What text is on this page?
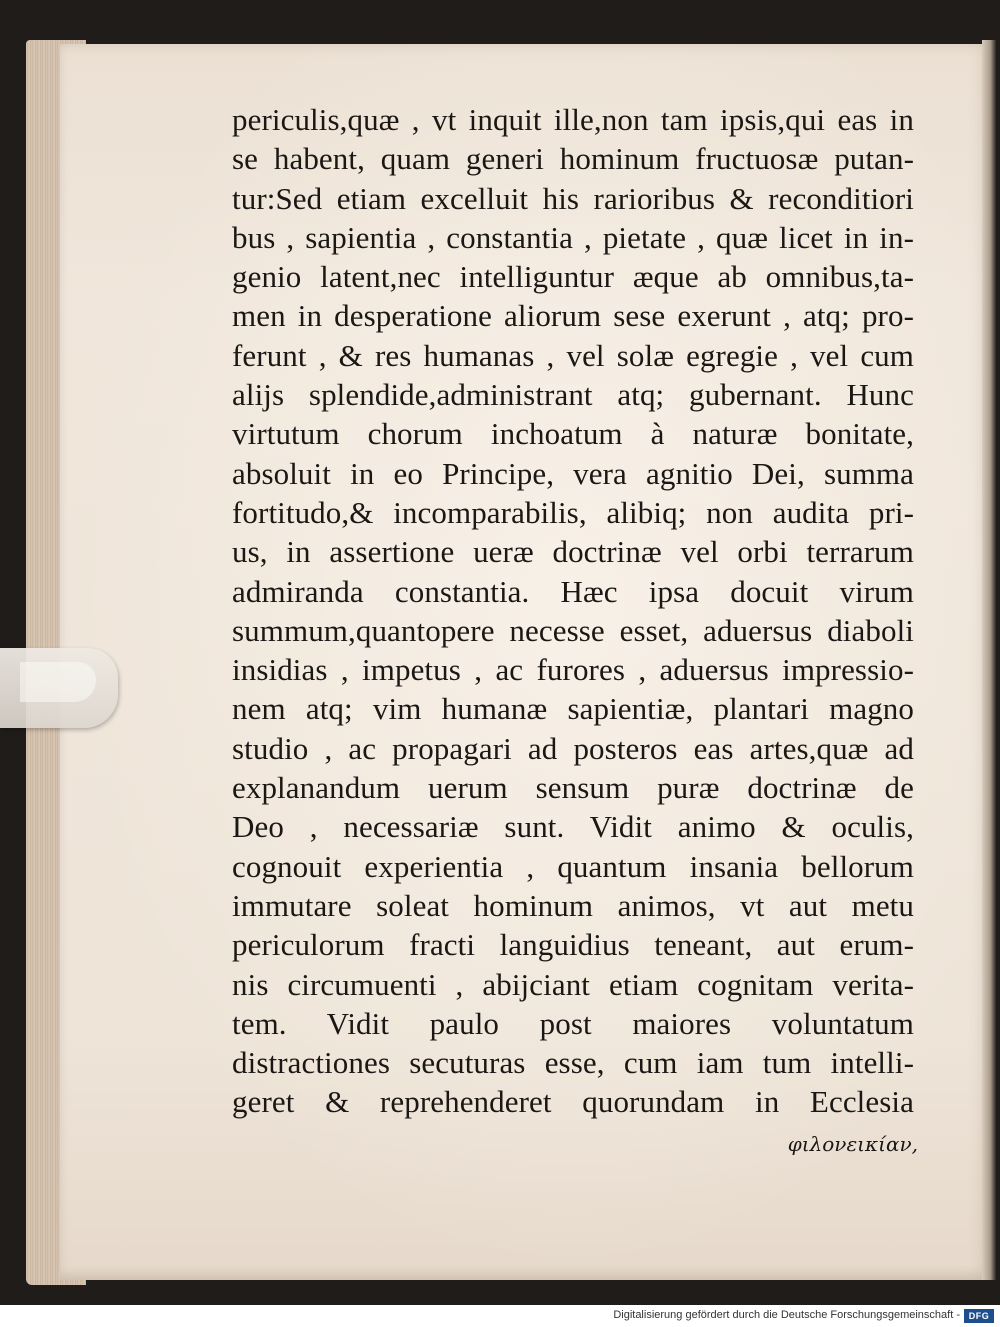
periculis,quæ , vt inquit ille,non tam ipsis,qui eas in
se habent, quam generi hominum fructuosæ putan-
tur:Sed etiam excelluit his rarioribus & reconditiori
bus , sapientia , constantia , pietate , quæ licet in in-
genio latent,nec intelliguntur æque ab omnibus,ta-
men in desperatione aliorum sese exerunt , atq; pro-
ferunt , & res humanas , vel solæ egregie , vel cum
alijs splendide,administrant atq; gubernant. Hunc
virtutum chorum inchoatum à naturæ bonitate,
absoluit in eo Principe, vera agnitio Dei, summa
fortitudo,& incomparabilis, alibiq; non audita pri-
us, in assertione ueræ doctrinæ vel orbi terrarum
admiranda constantia. Hæc ipsa docuit virum
summum,quantopere necesse esset, aduersus diaboli
insidias , impetus , ac furores , aduersus impressio-
nem atq; vim humanæ sapientiæ, plantari magno
studio , ac propagari ad posteros eas artes,quæ ad
explanandum uerum sensum puræ doctrinæ de
Deo , necessariæ sunt. Vidit animo & oculis,
cognouit experientia , quantum insania bellorum
immutare soleat hominum animos, vt aut metu
periculorum fracti languidius teneant, aut erum-
nis circumuenti , abijciant etiam cognitam verita-
tem. Vidit paulo post maiores voluntatum
distractiones secuturas esse, cum iam tum intelli-
geret & reprehenderet quorundam in Ecclesia
φιλονεικίαν,
Digitalisierung gefördert durch die Deutsche Forschungsgemeinschaft - DFG
